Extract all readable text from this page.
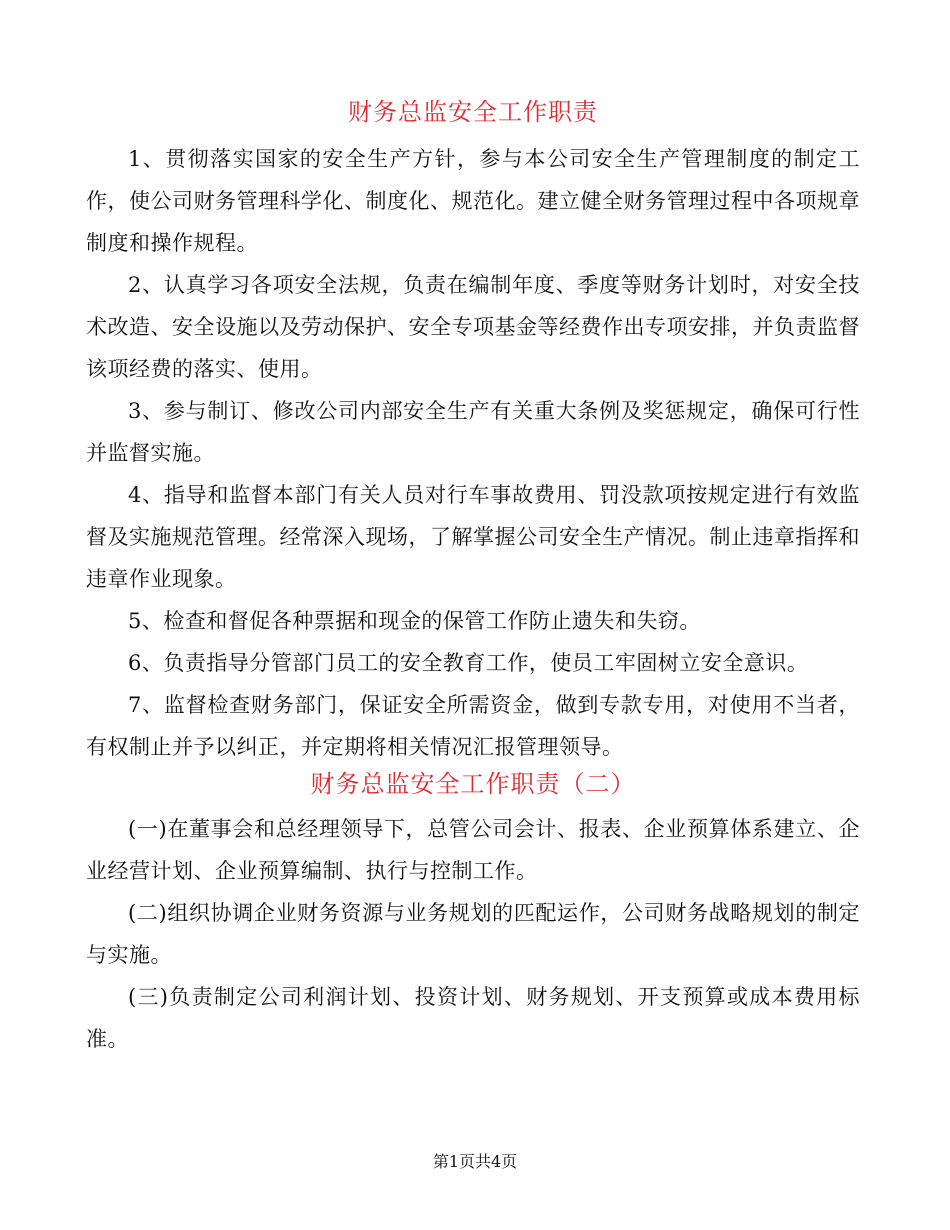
财务总监安全工作职责

1、贯彻落实国家的安全生产方针，参与本公司安全生产管理制度的制定工作，使公司财务管理科学化、制度化、规范化。建立健全财务管理过程中各项规章制度和操作规程。

2、认真学习各项安全法规，负责在编制年度、季度等财务计划时，对安全技术改造、安全设施以及劳动保护、安全专项基金等经费作出专项安排，并负责监督该项经费的落实、使用。

3、参与制订、修改公司内部安全生产有关重大条例及奖惩规定，确保可行性并监督实施。

4、指导和监督本部门有关人员对行车事故费用、罚没款项按规定进行有效监督及实施规范管理。经常深入现场，了解掌握公司安全生产情况。制止违章指挥和违章作业现象。

5、检查和督促各种票据和现金的保管工作防止遗失和失窃。

6、负责指导分管部门员工的安全教育工作，使员工牢固树立安全意识。

7、监督检查财务部门，保证安全所需资金，做到专款专用，对使用不当者，有权制止并予以纠正，并定期将相关情况汇报管理领导。

财务总监安全工作职责（二）

(一)在董事会和总经理领导下，总管公司会计、报表、企业预算体系建立、企业经营计划、企业预算编制、执行与控制工作。

(二)组织协调企业财务资源与业务规划的匹配运作，公司财务战略规划的制定与实施。

(三)负责制定公司利润计划、投资计划、财务规划、开支预算或成本费用标准。

第1页共4页
